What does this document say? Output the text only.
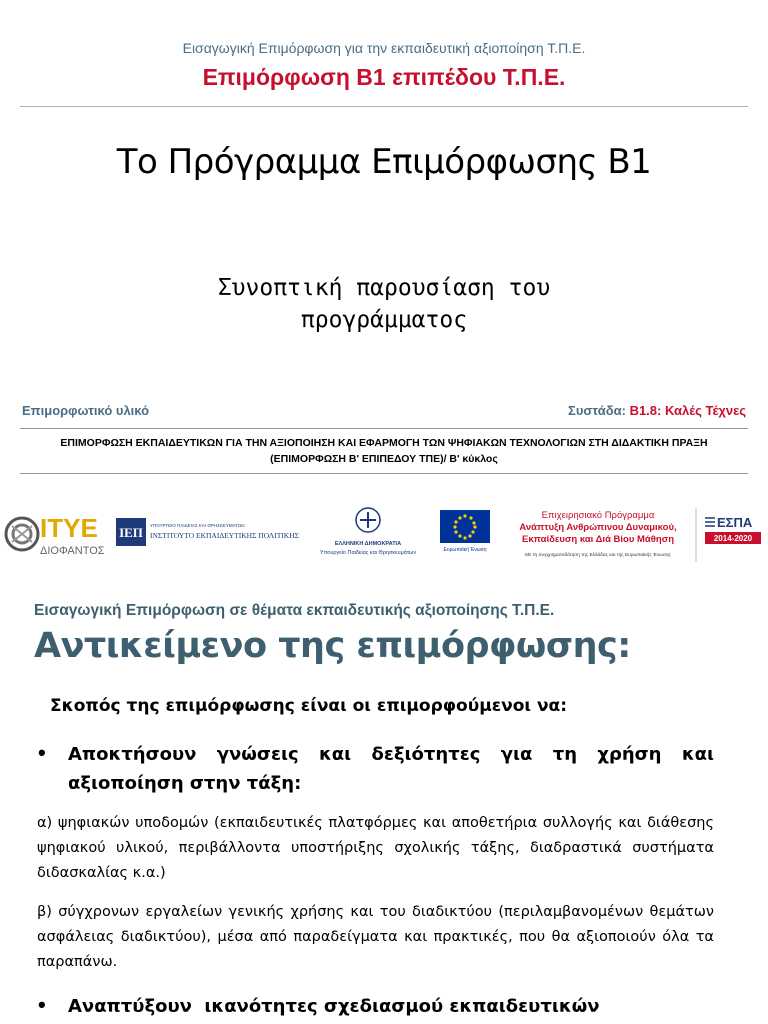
Εισαγωγική Επιμόρφωση για την εκπαιδευτική αξιοποίηση Τ.Π.Ε.
Επιμόρφωση Β1 επιπέδου Τ.Π.Ε.
Το Πρόγραμμα Επιμόρφωσης Β1
Συνοπτική παρουσίαση του προγράμματος
Επιμορφωτικό υλικό	Συστάδα: Β1.8: Καλές Τέχνες
ΕΠΙΜΟΡΦΩΣΗ ΕΚΠΑΙΔΕΥΤΙΚΩΝ ΓΙΑ ΤΗΝ ΑΞΙΟΠΟΙΗΣΗ ΚΑΙ ΕΦΑΡΜΟΓΗ ΤΩΝ ΨΗΦΙΑΚΩΝ ΤΕΧΝΟΛΟΓΙΩΝ ΣΤΗ ΔΙΔΑΚΤΙΚΗ ΠΡΑΞΗ
(ΕΠΙΜΟΡΦΩΣΗ Β' ΕΠΙΠΕΔΟΥ ΤΠΕ)/ Β' κύκλος
ΙΤΥΕ
ΔΙΟΦΑΝΤΟΣ
ΙΕΠ ΥΠΟΥΡΓΕΙΟ ΠΑΙΔΕΙΑΣ ΚΑΙ ΘΡΗΣΚΕΥΜΑΤΩΝ
ΙΝΣΤΙΤΟΥΤΟ ΕΚΠΑΙΔΕΥΤΙΚΗΣ ΠΟΛΙΤΙΚΗΣ
ΕΛΛΗΝΙΚΗ ΔΗΜΟΚΡΑΤΙΑ
Υπουργείο Παιδείας και Θρησκευμάτων	Ευρωπαϊκή Ένωση
Επιχειρησιακό Πρόγραμμα
Ανάπτυξη Ανθρώπινου Δυναμικού,
Εκπαίδευση και Διά Βίου Μάθηση
Με τη συγχρηματοδότηση της Ελλάδας και της Ευρωπαϊκής Ένωσης
ΕΣΠΑ
2014-2020
Εισαγωγική Επιμόρφωση σε θέματα εκπαιδευτικής αξιοποίησης Τ.Π.Ε.
Αντικείμενο της επιμόρφωσης:
Σκοπός της επιμόρφωσης είναι οι επιμορφούμενοι να:
• Αποκτήσουν γνώσεις και δεξιότητες για τη χρήση και αξιοποίηση στην τάξη:
α) ψηφιακών υποδομών (εκπαιδευτικές πλατφόρμες και αποθετήρια συλλογής και διάθεσης ψηφιακού υλικού, περιβάλλοντα υποστήριξης σχολικής τάξης, διαδραστικά συστήματα διδασκαλίας κ.α.)
β) σύγχρονων εργαλείων γενικής χρήσης και του διαδικτύου (περιλαμβανομένων θεμάτων ασφάλειας διαδικτύου), μέσα από παραδείγματα και πρακτικές, που θα αξιοποιούν όλα τα παραπάνω.
• Αναπτύξουν  ικανότητες σχεδιασμού εκπαιδευτικών
